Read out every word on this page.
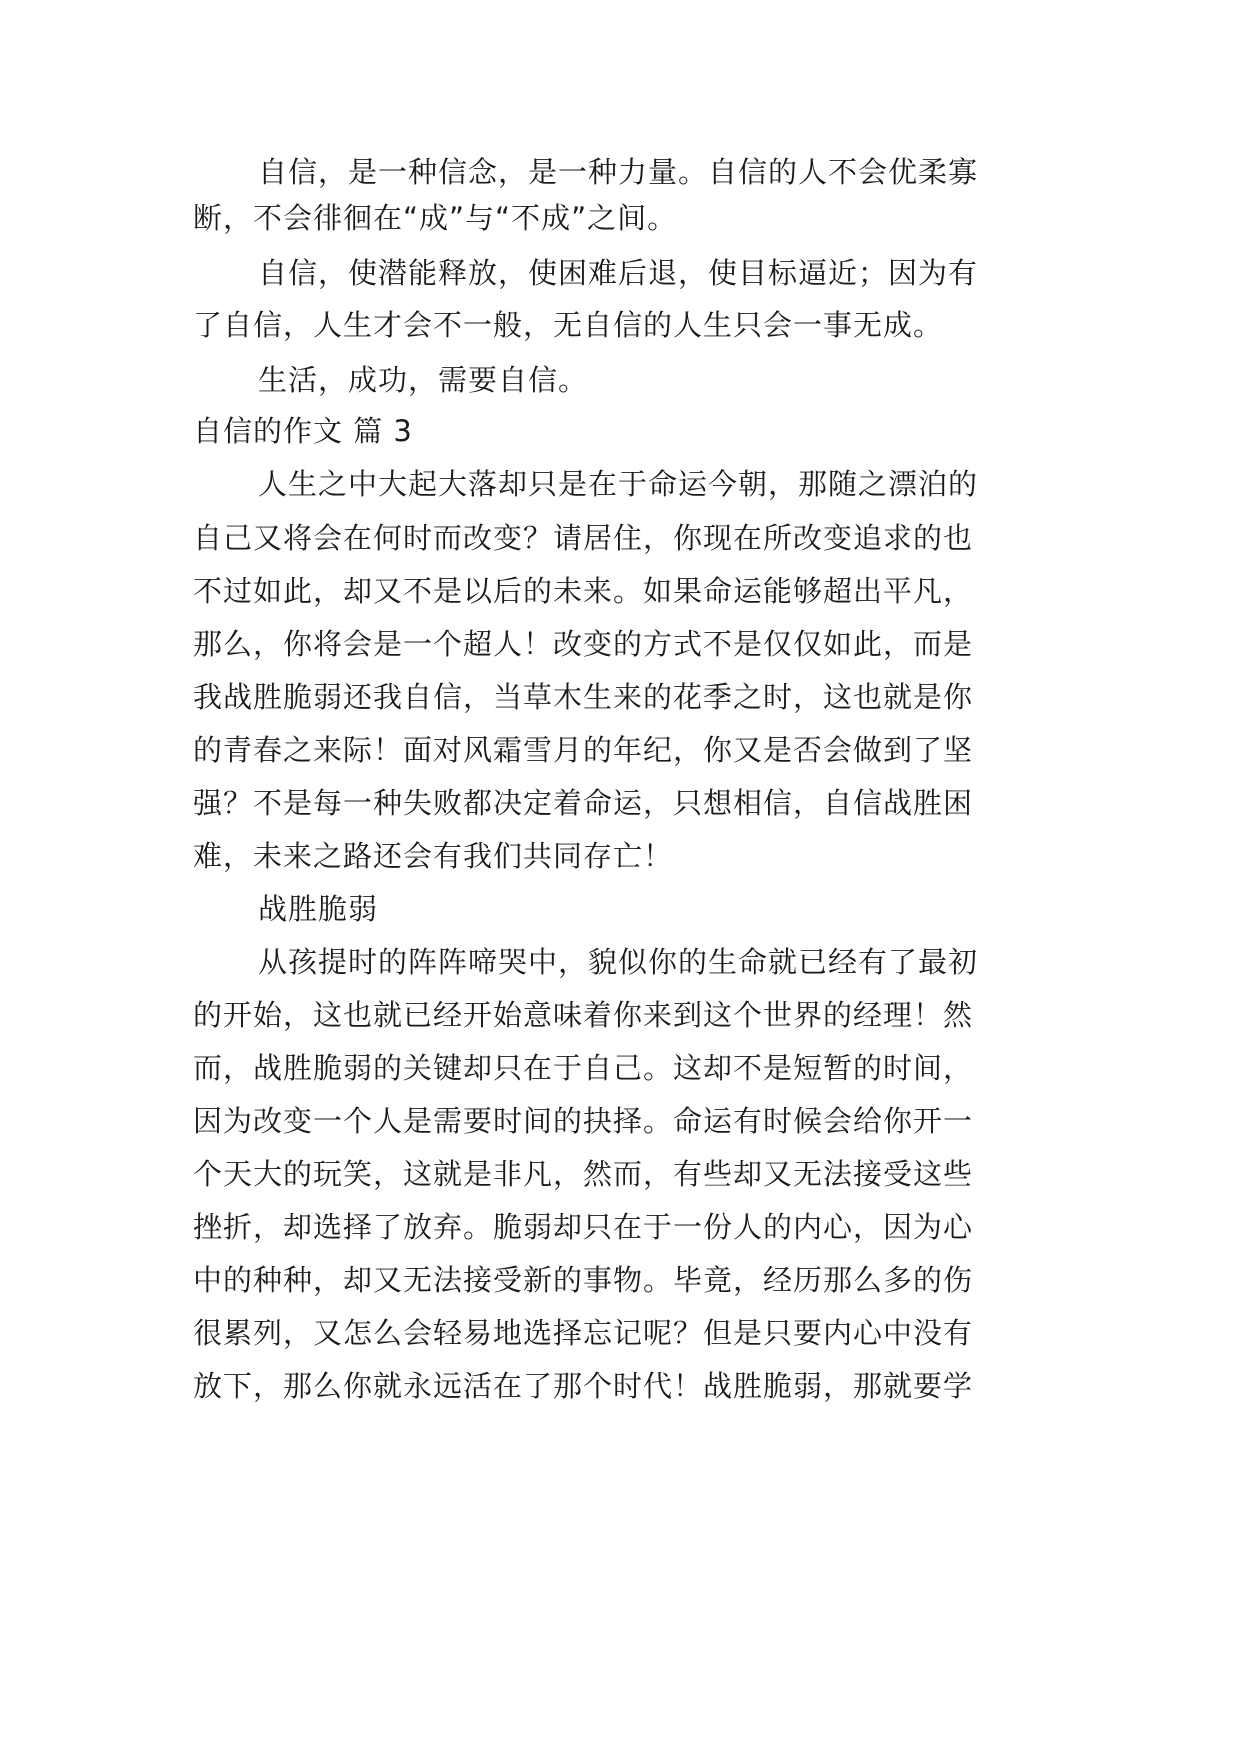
自信，是一种信念，是一种力量。自信的人不会优柔寡
断，不会徘徊在“成”与“不成”之间。
自信，使潜能释放，使困难后退，使目标逼近；因为有
了自信，人生才会不一般，无自信的人生只会一事无成。
生活，成功，需要自信。
自信的作文 篇 3
人生之中大起大落却只是在于命运今朝，那随之漂泊的
自己又将会在何时而改变？请居住，你现在所改变追求的也
不过如此，却又不是以后的未来。如果命运能够超出平凡，
那么，你将会是一个超人！改变的方式不是仅仅如此，而是
我战胜脆弱还我自信，当草木生来的花季之时，这也就是你
的青春之来际！面对风霜雪月的年纪，你又是否会做到了坚
强？不是每一种失败都决定着命运，只想相信，自信战胜困
难，未来之路还会有我们共同存亡！
战胜脆弱
从孩提时的阵阵啼哭中，貌似你的生命就已经有了最初
的开始，这也就已经开始意味着你来到这个世界的经理！然
而，战胜脆弱的关键却只在于自己。这却不是短暂的时间，
因为改变一个人是需要时间的抉择。命运有时候会给你开一
个天大的玩笑，这就是非凡，然而，有些却又无法接受这些
挫折，却选择了放弃。脆弱却只在于一份人的内心，因为心
中的种种，却又无法接受新的事物。毕竟，经历那么多的伤
很累列，又怎么会轻易地选择忘记呢？但是只要内心中没有
放下，那么你就永远活在了那个时代！战胜脆弱，那就要学
